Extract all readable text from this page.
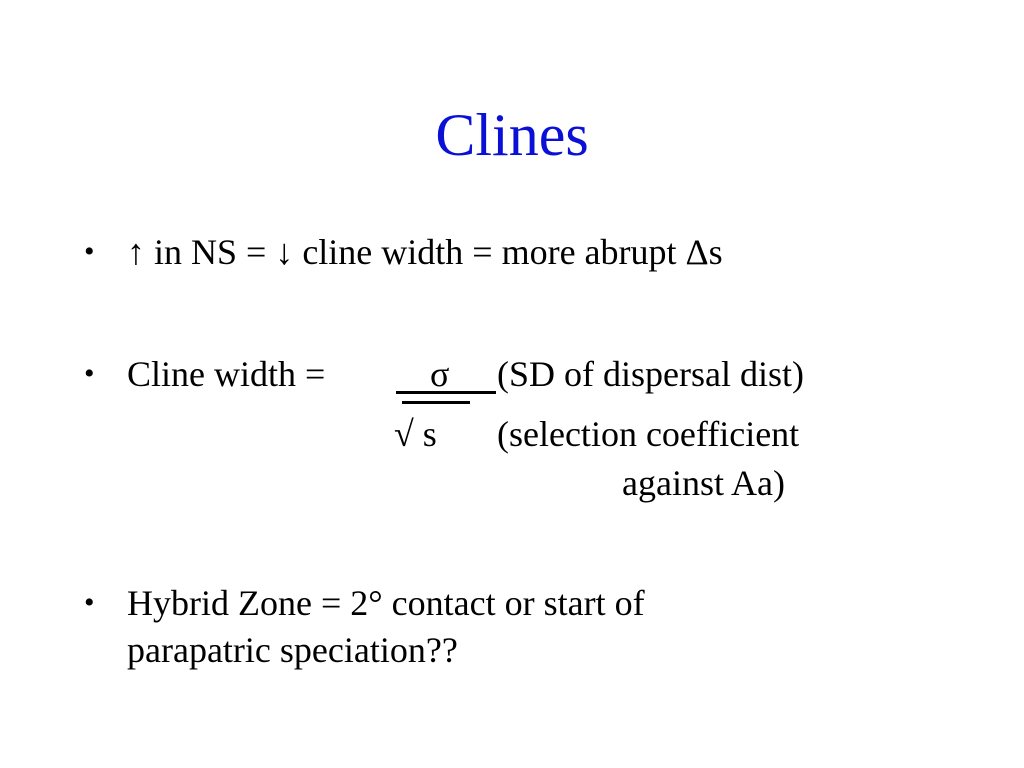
Clines
• ↑ in NS = ↓ cline width = more abrupt Δs
• Cline width =	σ (SD of dispersal dist)
√ s (selection coefficient
against Aa)
• Hybrid Zone = 2° contact or start of
parapatric speciation??
